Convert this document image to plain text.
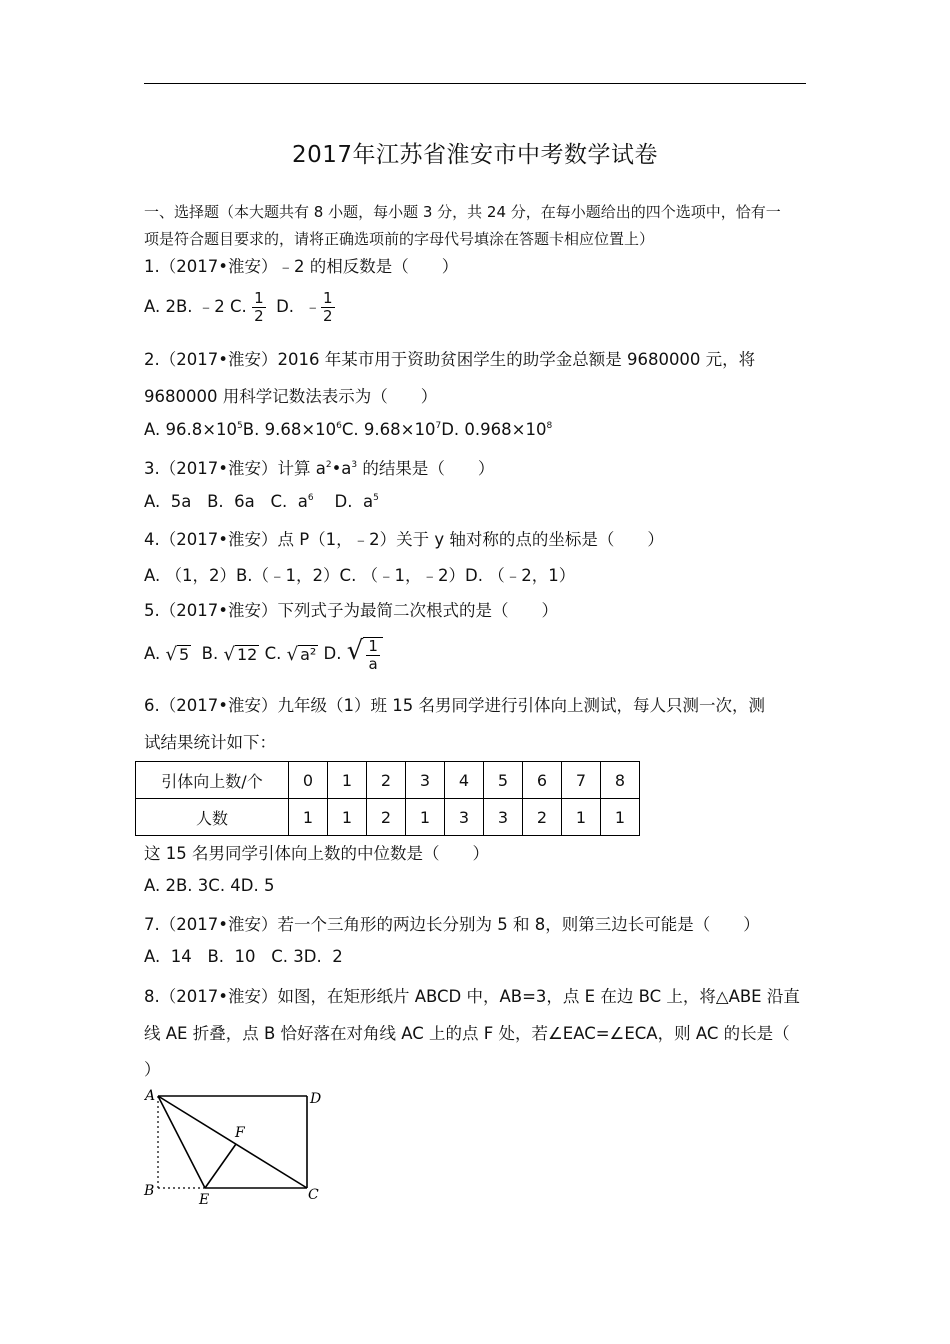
2017年江苏省淮安市中考数学试卷
一、选择题（本大题共有 8 小题，每小题 3 分，共 24 分，在每小题给出的四个选项中，恰有一
项是符合题目要求的，请将正确选项前的字母代号填涂在答题卡相应位置上）
1.（2017•淮安）﹣2 的相反数是（　　）
A. 2B. ﹣2 C. $\frac{1}{2} D$.  ﹣ $\frac{1}{2}$
2.（2017•淮安）2016 年某市用于资助贫困学生的助学金总额是 9680000 元，将
9680000 用科学记数法表示为（　　）
A. $96.8\times 10^5B$. $9.68\times 10^6C$. $9.68\times 10^7D$. $0.968\times 10^8$
3.（2017•淮安）计算 $a^2•a^3$ 的结果是（　　）
A.  5a   B.  6a   C.  $a^6$    D.  $a^5$
4.（2017•淮安）点 P（1，﹣2）关于 y 轴对称的点的坐标是（　　）
A. （1，2）B.（﹣1，2）C. （﹣1，﹣2）D. （﹣2，1）
5.（2017•淮安）下列式子为最简二次根式的是（　　）
A. √ 5  B. √ 12 C. √ a² D. √ $\frac{1}{a}$
6.（2017•淮安）九年级（1）班 15 名男同学进行引体向上测试，每人只测一次，测
试结果统计如下：
引体向上数/个	0	1	2	3	4	5	6	7	8
人数	1	1	2	1	3	3	2	1	1
这 15 名男同学引体向上数的中位数是（　　）
A. 2B. 3C. 4D. 5
7.（2017•淮安）若一个三角形的两边长分别为 5 和 8，则第三边长可能是（　　）
A.  14   B.  10   C. 3D.  2
8.（2017•淮安）如图，在矩形纸片 ABCD 中，AB=3，点 E 在边 BC 上，将△ABE 沿直
线 AE 折叠，点 B 恰好落在对角线 AC 上的点 F 处，若∠EAC=∠ECA，则 AC 的长是（
）
A	D
B	C
E
F
